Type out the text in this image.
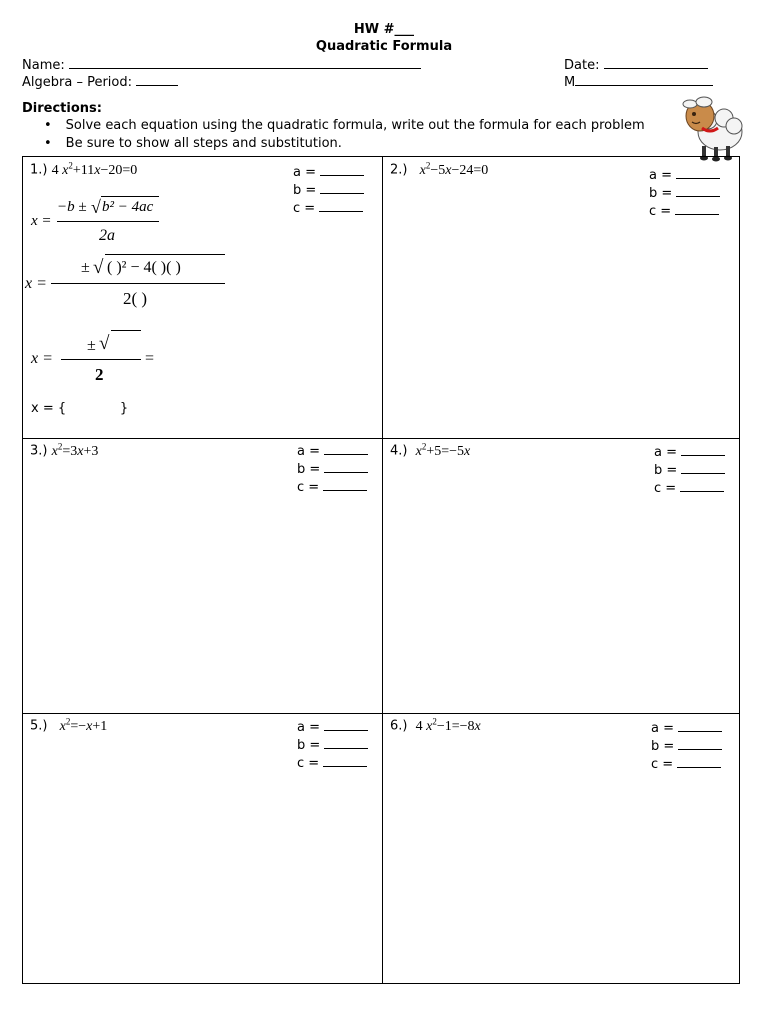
HW #___
Quadratic Formula
Name:	Date:
Algebra – Period:	M
Directions:
• Solve each equation using the quadratic formula, write out the formula for each problem
• Be sure to show all steps and substitution.
1.) 4 $x^2+11x-20=0$	a =
b =
c =
x =
−b ± √ b² − 4ac
2a
x =
± √ ( )² − 4( )( )
2( )
x =
± √
2
=
x = {             }
2.) $x^2-5x-24=0$	a =
b =
c =
3.) $x^2=3x+3$	a =
b =
c =
4.) $x^2+5=-5x$	a =
b =
c =
5.) $x^2=-x+1$	a =
b =
c =
6.) 4 $x^2-1=-8x$	a =
b =
c =
